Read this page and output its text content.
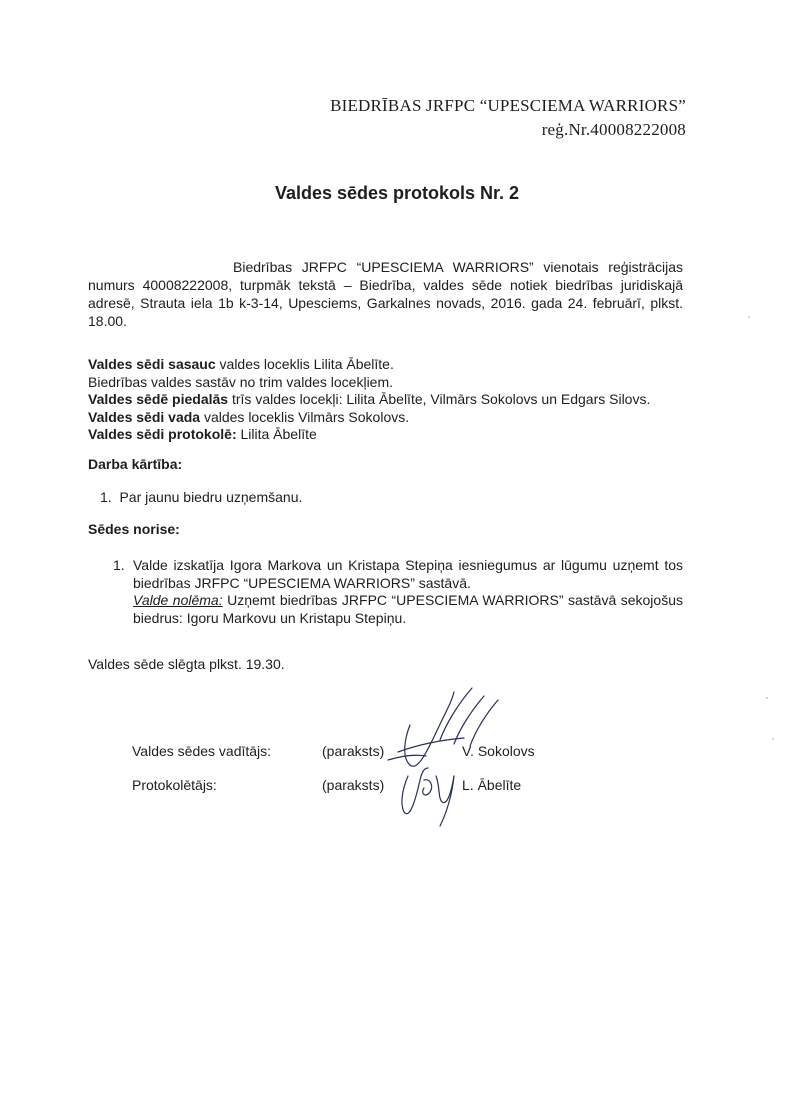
BIEDRĪBAS JRFPC “UPESCIEMA WARRIORS”
reģ.Nr.40008222008
Valdes sēdes protokols Nr. 2
Biedrības JRFPC “UPESCIEMA WARRIORS” vienotais reģistrācijas numurs 40008222008, turpmāk tekstā – Biedrība, valdes sēde notiek biedrības juridiskajā adresē, Strauta iela 1b k-3-14, Upesciems, Garkalnes novads, 2016. gada 24. februārī, plkst. 18.00.
Valdes sēdi sasauc valdes loceklis Lilita Ābelīte.
Biedrības valdes sastāv no trim valdes locekļiem.
Valdes sēdē piedalās trīs valdes locekļi: Lilita Ābelīte, Vilmārs Sokolovs un Edgars Silovs.
Valdes sēdi vada valdes loceklis Vilmārs Sokolovs.
Valdes sēdi protokolē: Lilita Ābelīte
Darba kārtība:
1. Par jaunu biedru uzņemšanu.
Sēdes norise:
1. Valde izskatīja Igora Markova un Kristapa Stepiņa iesniegumus ar lūgumu uzņemt tos biedrības JRFPC “UPESCIEMA WARRIORS” sastāvā.
Valde nolēma: Uzņemt biedrības JRFPC “UPESCIEMA WARRIORS” sastāvā sekojošus biedrus: Igoru Markovu un Kristapu Stepiņu.
Valdes sēde slēgta plkst. 19.30.
Valdes sēdes vadītājs:	(paraksts)	V. Sokolovs
Protokolētājs:	(paraksts)	L. Ābelīte
